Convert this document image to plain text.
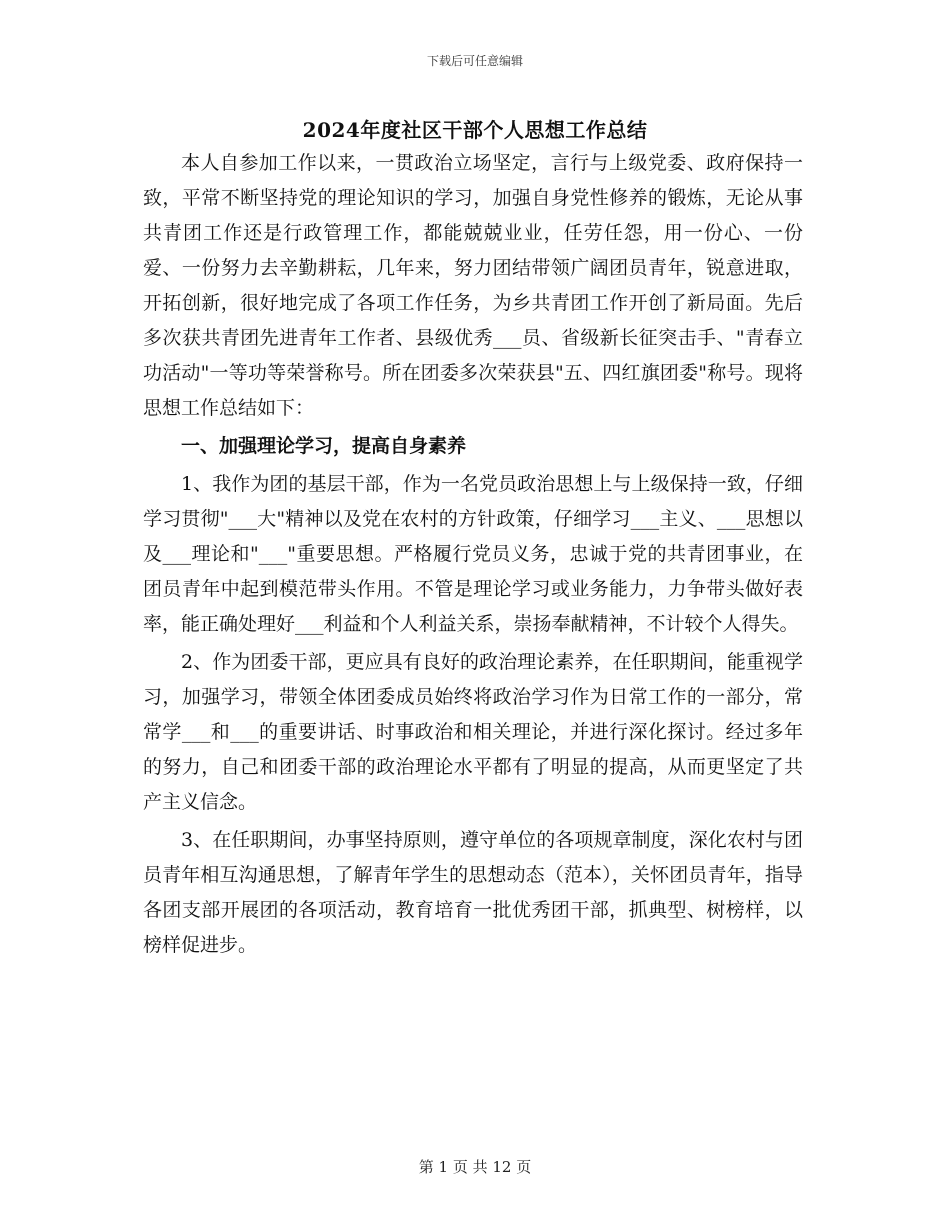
下载后可任意编辑
2024年度社区干部个人思想工作总结

本人自参加工作以来，一贯政治立场坚定，言行与上级党委、政府保持一致，平常不断坚持党的理论知识的学习，加强自身党性修养的锻炼，无论从事共青团工作还是行政管理工作，都能兢兢业业，任劳任怨，用一份心、一份爱、一份努力去辛勤耕耘，几年来，努力团结带领广阔团员青年，锐意进取，开拓创新，很好地完成了各项工作任务，为乡共青团工作开创了新局面。先后多次获共青团先进青年工作者、县级优秀___员、省级新长征突击手、"青春立功活动"一等功等荣誉称号。所在团委多次荣获县"五、四红旗团委"称号。现将思想工作总结如下：

一、加强理论学习，提高自身素养

1、我作为团的基层干部，作为一名党员政治思想上与上级保持一致，仔细学习贯彻"___大"精神以及党在农村的方针政策，仔细学习___主义、___思想以及___理论和"___"重要思想。严格履行党员义务，忠诚于党的共青团事业，在团员青年中起到模范带头作用。不管是理论学习或业务能力，力争带头做好表率，能正确处理好___利益和个人利益关系，崇扬奉献精神，不计较个人得失。

2、作为团委干部，更应具有良好的政治理论素养，在任职期间，能重视学习，加强学习，带领全体团委成员始终将政治学习作为日常工作的一部分，常常学___和___的重要讲话、时事政治和相关理论，并进行深化探讨。经过多年的努力，自己和团委干部的政治理论水平都有了明显的提高，从而更坚定了共产主义信念。

3、在任职期间，办事坚持原则，遵守单位的各项规章制度，深化农村与团员青年相互沟通思想，了解青年学生的思想动态（范本），关怀团员青年，指导各团支部开展团的各项活动，教育培育一批优秀团干部，抓典型、树榜样，以榜样促进步。

第 1 页 共 12 页
